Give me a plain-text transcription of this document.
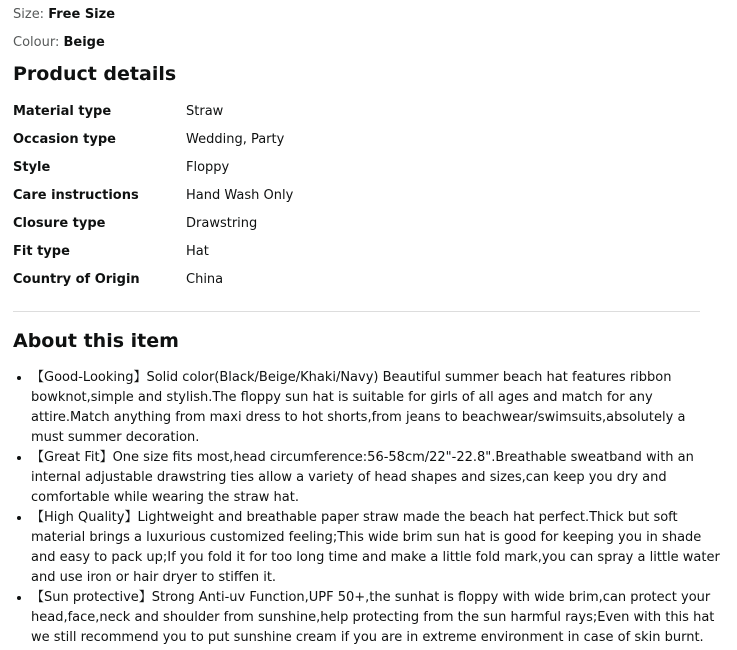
Size: Free Size
Colour: Beige
Product details
Material type	Straw
Occasion type	Wedding, Party
Style	Floppy
Care instructions	Hand Wash Only
Closure type	Drawstring
Fit type	Hat
Country of Origin	China
About this item
• 【Good-Looking】Solid color(Black/Beige/Khaki/Navy) Beautiful summer beach hat features ribbon bowknot,simple and stylish.The floppy sun hat is suitable for girls of all ages and match for any attire.Match anything from maxi dress to hot shorts,from jeans to beachwear/swimsuits,absolutely a must summer decoration.
• 【Great Fit】One size fits most,head circumference:56-58cm/22"-22.8".Breathable sweatband with an internal adjustable drawstring ties allow a variety of head shapes and sizes,can keep you dry and comfortable while wearing the straw hat.
• 【High Quality】Lightweight and breathable paper straw made the beach hat perfect.Thick but soft material brings a luxurious customized feeling;This wide brim sun hat is good for keeping you in shade and easy to pack up;If you fold it for too long time and make a little fold mark,you can spray a little water and use iron or hair dryer to stiffen it.
• 【Sun protective】Strong Anti-uv Function,UPF 50+,the sunhat is floppy with wide brim,can protect your head,face,neck and shoulder from sunshine,help protecting from the sun harmful rays;Even with this hat we still recommend you to put sunshine cream if you are in extreme environment in case of skin burnt.
